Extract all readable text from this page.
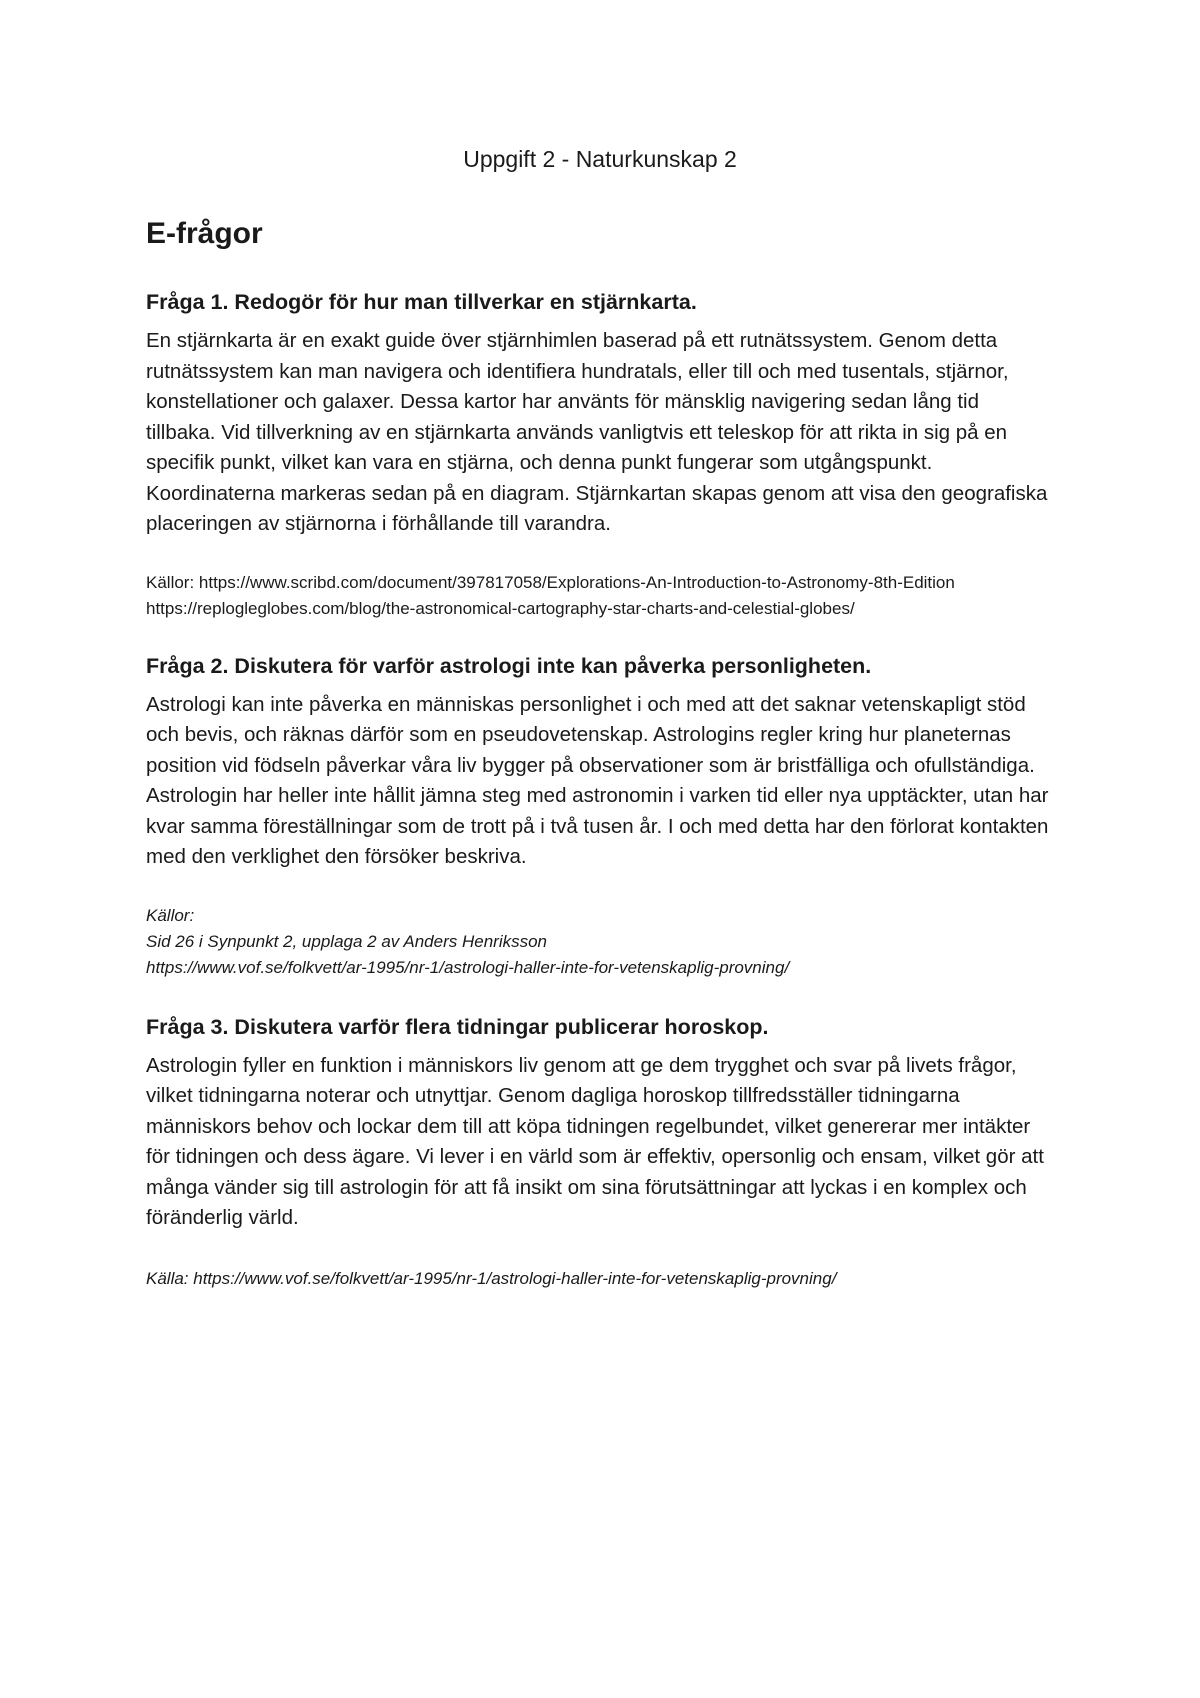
Uppgift 2 - Naturkunskap 2
E-frågor
Fråga 1. Redogör för hur man tillverkar en stjärnkarta.

En stjärnkarta är en exakt guide över stjärnhimlen baserad på ett rutnätssystem. Genom detta rutnätssystem kan man navigera och identifiera hundratals, eller till och med tusentals, stjärnor, konstellationer och galaxer. Dessa kartor har använts för mänsklig navigering sedan lång tid tillbaka. Vid tillverkning av en stjärnkarta används vanligtvis ett teleskop för att rikta in sig på en specifik punkt, vilket kan vara en stjärna, och denna punkt fungerar som utgångspunkt. Koordinaterna markeras sedan på en diagram. Stjärnkartan skapas genom att visa den geografiska placeringen av stjärnorna i förhållande till varandra.

Källor: https://www.scribd.com/document/397817058/Explorations-An-Introduction-to-Astronomy-8th-Edition

https://replogleglobes.com/blog/the-astronomical-cartography-star-charts-and-celestial-globes/

Fråga 2. Diskutera för varför astrologi inte kan påverka personligheten.

Astrologi kan inte påverka en människas personlighet i och med att det saknar vetenskapligt stöd och bevis, och räknas därför som en pseudovetenskap. Astrologins regler kring hur planeternas position vid födseln påverkar våra liv bygger på observationer som är bristfälliga och ofullständiga. Astrologin har heller inte hållit jämna steg med astronomin i varken tid eller nya upptäckter, utan har kvar samma föreställningar som de trott på i två tusen år. I och med detta har den förlorat kontakten med den verklighet den försöker beskriva.

Källor:

Sid 26 i Synpunkt 2, upplaga 2 av Anders Henriksson

https://www.vof.se/folkvett/ar-1995/nr-1/astrologi-haller-inte-for-vetenskaplig-provning/

Fråga 3. Diskutera varför flera tidningar publicerar horoskop.

Astrologin fyller en funktion i människors liv genom att ge dem trygghet och svar på livets frågor, vilket tidningarna noterar och utnyttjar. Genom dagliga horoskop tillfredsställer tidningarna människors behov och lockar dem till att köpa tidningen regelbundet, vilket genererar mer intäkter för tidningen och dess ägare. Vi lever i en värld som är effektiv, opersonlig och ensam, vilket gör att många vänder sig till astrologin för att få insikt om sina förutsättningar att lyckas i en komplex och föränderlig värld.

Källa: https://www.vof.se/folkvett/ar-1995/nr-1/astrologi-haller-inte-for-vetenskaplig-provning/
